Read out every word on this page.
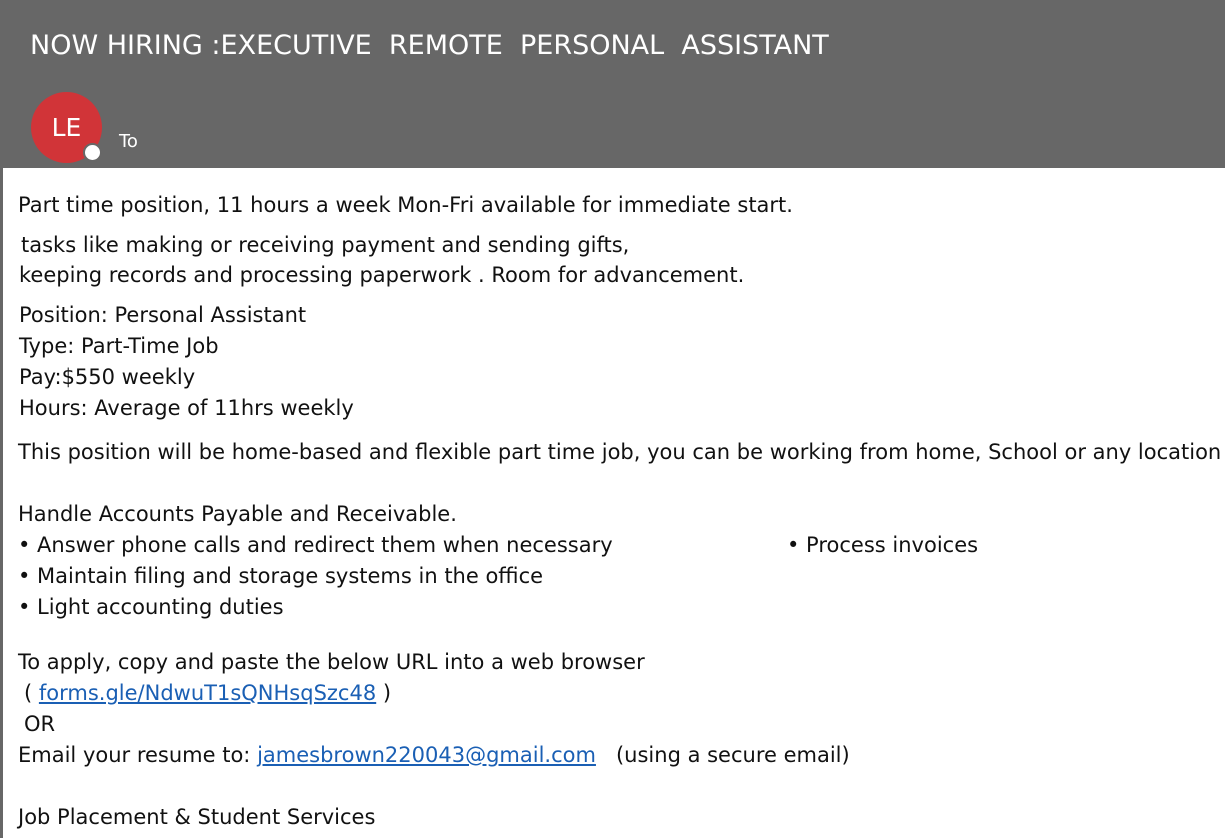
NOW HIRING :EXECUTIVE  REMOTE  PERSONAL  ASSISTANT
LE To
Part time position, 11 hours a week Mon-Fri available for immediate start.
tasks like making or receiving payment and sending gifts,
keeping records and processing paperwork . Room for advancement.
Position: Personal Assistant
Type: Part-Time Job
Pay:$550 weekly
Hours: Average of 11hrs weekly
This position will be home-based and flexible part time job, you can be working from home, School or any location
Handle Accounts Payable and Receivable.
• Answer phone calls and redirect them when necessary	• Process invoices
• Maintain filing and storage systems in the office
• Light accounting duties
To apply, copy and paste the below URL into a web browser
( forms.gle/NdwuT1sQNHsqSzc48 )
OR
Email your resume to: jamesbrown220043@gmail.com (using a secure email)
Job Placement & Student Services
